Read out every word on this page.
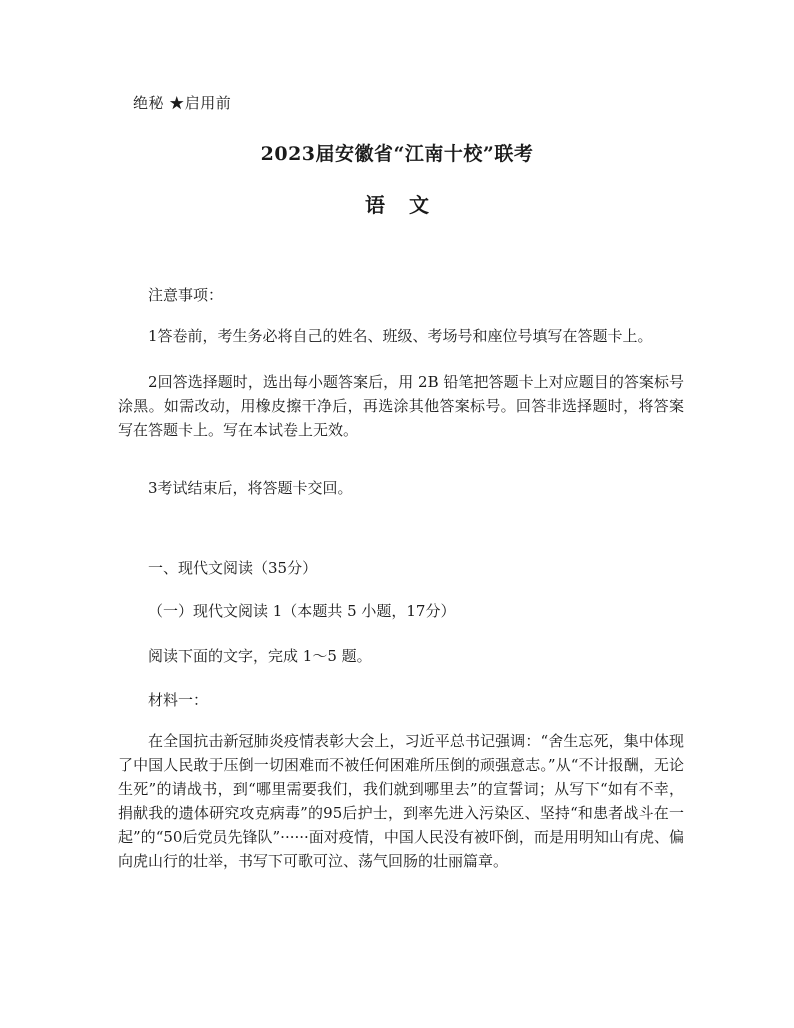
绝秘 ★启用前
2023届安徽省“江南十校”联考
语文
注意事项：
1答卷前，考生务必将自己的姓名、班级、考场号和座位号填写在答题卡上。
2回答选择题时，选出每小题答案后，用 2B 铅笔把答题卡上对应题目的答案标号涂黑。如需改动，用橡皮擦干净后，再选涂其他答案标号。回答非选择题时，将答案写在答题卡上。写在本试卷上无效。
3考试结束后，将答题卡交回。
一、现代文阅读（35分）
（一）现代文阅读 1（本题共 5 小题，17分）
阅读下面的文字，完成 1～5 题。
材料一：
在全国抗击新冠肺炎疫情表彰大会上，习近平总书记强调：“舍生忘死，集中体现了中国人民敢于压倒一切困难而不被任何困难所压倒的顽强意志。”从“不计报酬，无论生死”的请战书，到“哪里需要我们，我们就到哪里去”的宣誓词；从写下“如有不幸，捐献我的遗体研究攻克病毒”的95后护士，到率先进入污染区、坚持“和患者战斗在一起”的“50后党员先锋队”······面对疫情，中国人民没有被吓倒，而是用明知山有虎、偏向虎山行的壮举，书写下可歌可泣、荡气回肠的壮丽篇章。
